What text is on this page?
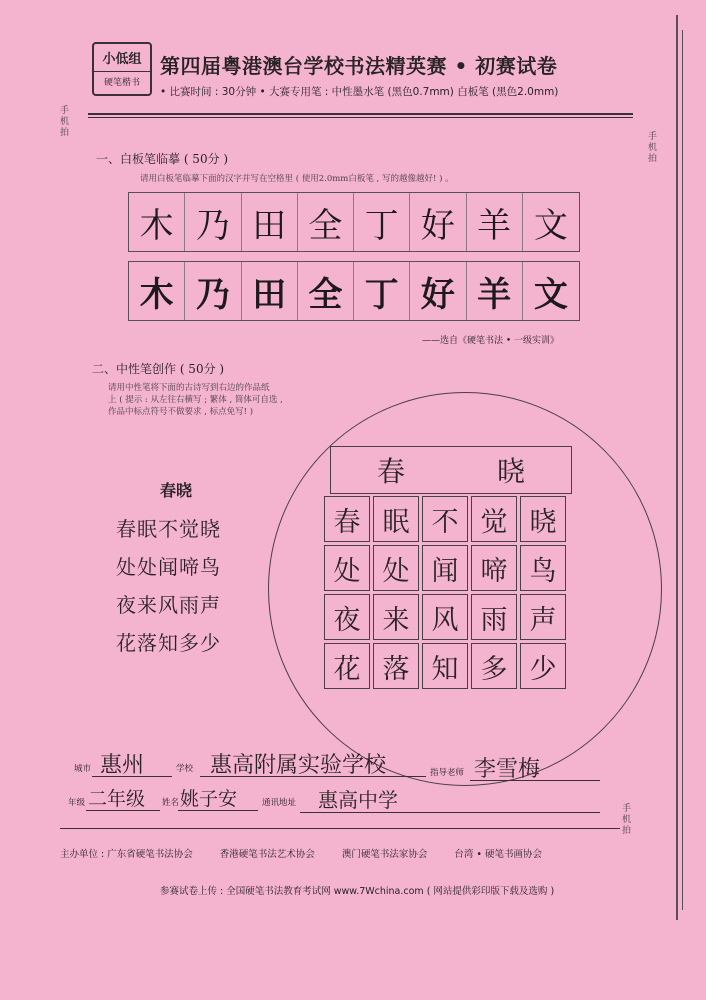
小低组
硬笔楷书
第四届粤港澳台学校书法精英赛 • 初赛试卷
• 比赛时间 : 30分钟 • 大赛专用笔 : 中性墨水笔 (黑色0.7mm) 白板笔 (黑色2.0mm)
手机拍	手机拍
手机拍
一、白板笔临摹 ( 50分 )
请用白板笔临摹下面的汉字并写在空格里 ( 使用2.0mm白板笔 , 写的越像越好! ) 。
木 乃 田 全 丁 好 羊 文
木 乃 田 全 丁 好 羊 文
——选自《硬笔书法 • 一级实训》
二、中性笔创作 ( 50分 )
请用中性笔将下面的古诗写到右边的作品纸
上 ( 提示 : 从左往右横写 ; 繁体 , 简体可自选 ,
作品中标点符号不做要求 , 标点免写! )
春晓
春眠不觉晓
处处闻啼鸟
夜来风雨声
花落知多少
春	晓
春 眠 不 觉 晓
处 处 闻 啼 鸟
夜 来 风 雨 声
花 落 知 多 少
城市 惠州	学校 惠高附属实验学校	指导老师 李雪梅
年级 二年级 姓名 姚子安	通讯地址 惠高中学
主办单位 : 广东省硬笔书法协会	香港硬笔书法艺术协会	澳门硬笔书法家协会	台湾 • 硬笔书画协会
参赛试卷上传 : 全国硬笔书法教育考试网 www.7Wchina.com ( 网站提供彩印版下载及选购 )
